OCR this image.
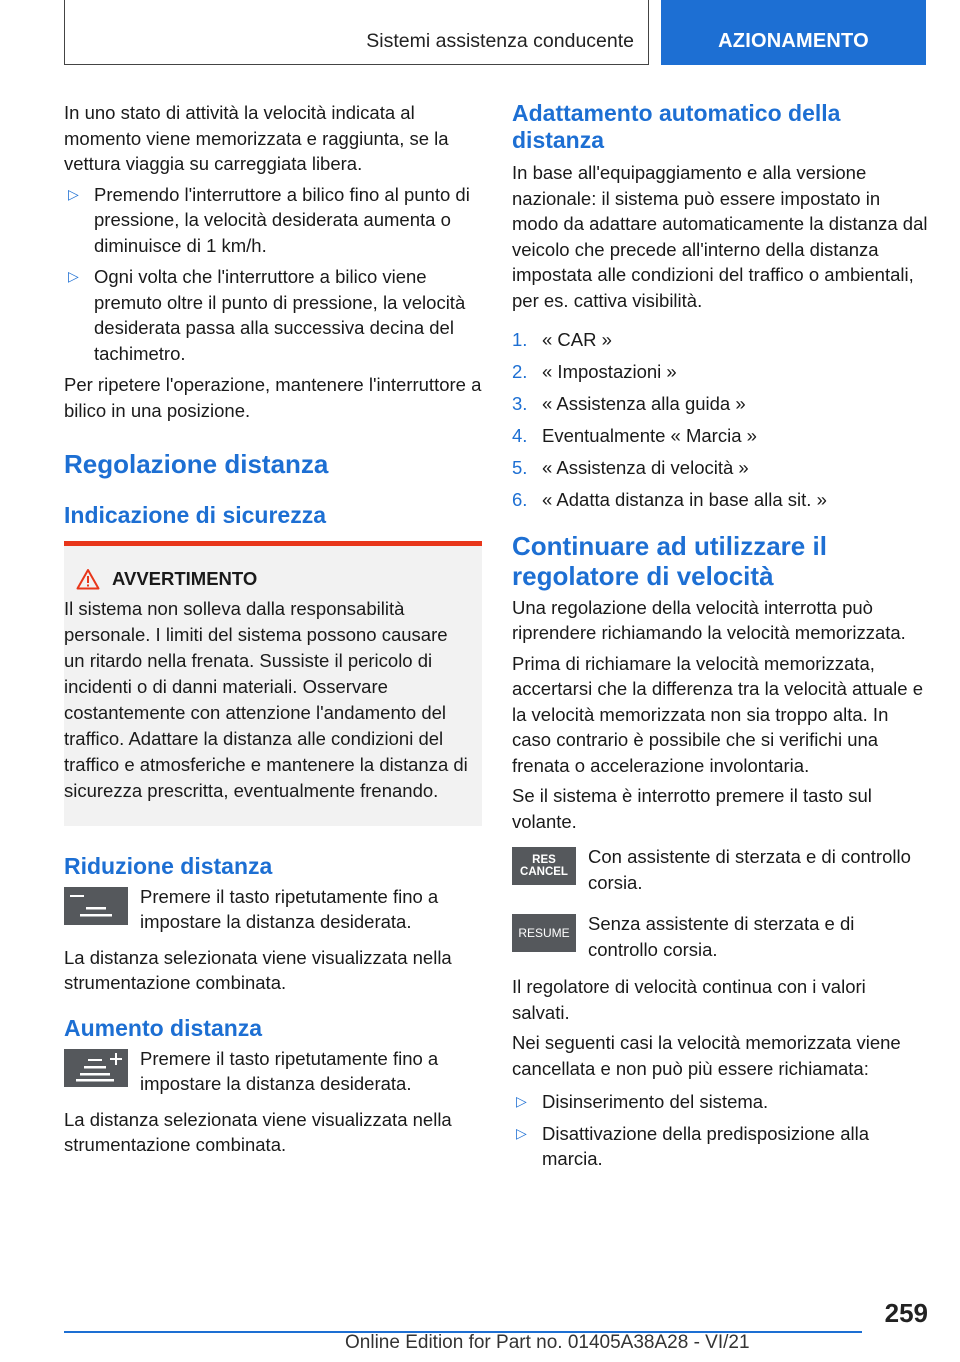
Sistemi assistenza conducente	AZIONAMENTO

In uno stato di attività la velocità indicata al momento viene memorizzata e raggiunta, se la vettura viaggia su carreggiata libera.

▷ Premendo l'interruttore a bilico fino al punto di pressione, la velocità desiderata aumenta o diminuisce di 1 km/h.
▷ Ogni volta che l'interruttore a bilico viene premuto oltre il punto di pressione, la velocità desiderata passa alla successiva decina del tachimetro.

Per ripetere l'operazione, mantenere l'interruttore a bilico in una posizione.

Regolazione distanza
Indicazione di sicurezza
AVVERTIMENTO
Il sistema non solleva dalla responsabilità personale. I limiti del sistema possono causare un ritardo nella frenata. Sussiste il pericolo di incidenti o di danni materiali. Osservare costantemente con attenzione l'andamento del traffico. Adattare la distanza alle condizioni del traffico e atmosferiche e mantenere la distanza di sicurezza prescritta, eventualmente frenando.
Riduzione distanza
Premere il tasto ripetutamente fino a impostare la distanza desiderata.

La distanza selezionata viene visualizzata nella strumentazione combinata.

Aumento distanza
Premere il tasto ripetutamente fino a impostare la distanza desiderata.

La distanza selezionata viene visualizzata nella strumentazione combinata.

Adattamento automatico della distanza

In base all'equipaggiamento e alla versione nazionale: il sistema può essere impostato in modo da adattare automaticamente la distanza dal veicolo che precede all'interno della distanza impostata alle condizioni del traffico o ambientali, per es. cattiva visibilità.

1. « CAR »
2. « Impostazioni »
3. « Assistenza alla guida »
4. Eventualmente « Marcia »
5. « Assistenza di velocità »
6. « Adatta distanza in base alla sit. »
Continuare ad utilizzare il regolatore di velocità

Una regolazione della velocità interrotta può riprendere richiamando la velocità memorizzata.

Prima di richiamare la velocità memorizzata, accertarsi che la differenza tra la velocità attuale e la velocità memorizzata non sia troppo alta. In caso contrario è possibile che si verifichi una frenata o accelerazione involontaria.

Se il sistema è interrotto premere il tasto sul volante.

RES
CANCEL
Con assistente di sterzata e di controllo corsia.
RESUME Senza assistente di sterzata e di controllo corsia.

Il regolatore di velocità continua con i valori salvati.

Nei seguenti casi la velocità memorizzata viene cancellata e non può più essere richiamata:

▷ Disinserimento del sistema.
▷ Disattivazione della predisposizione alla marcia.
259
Online Edition for Part no. 01405A38A28 - VI/21
